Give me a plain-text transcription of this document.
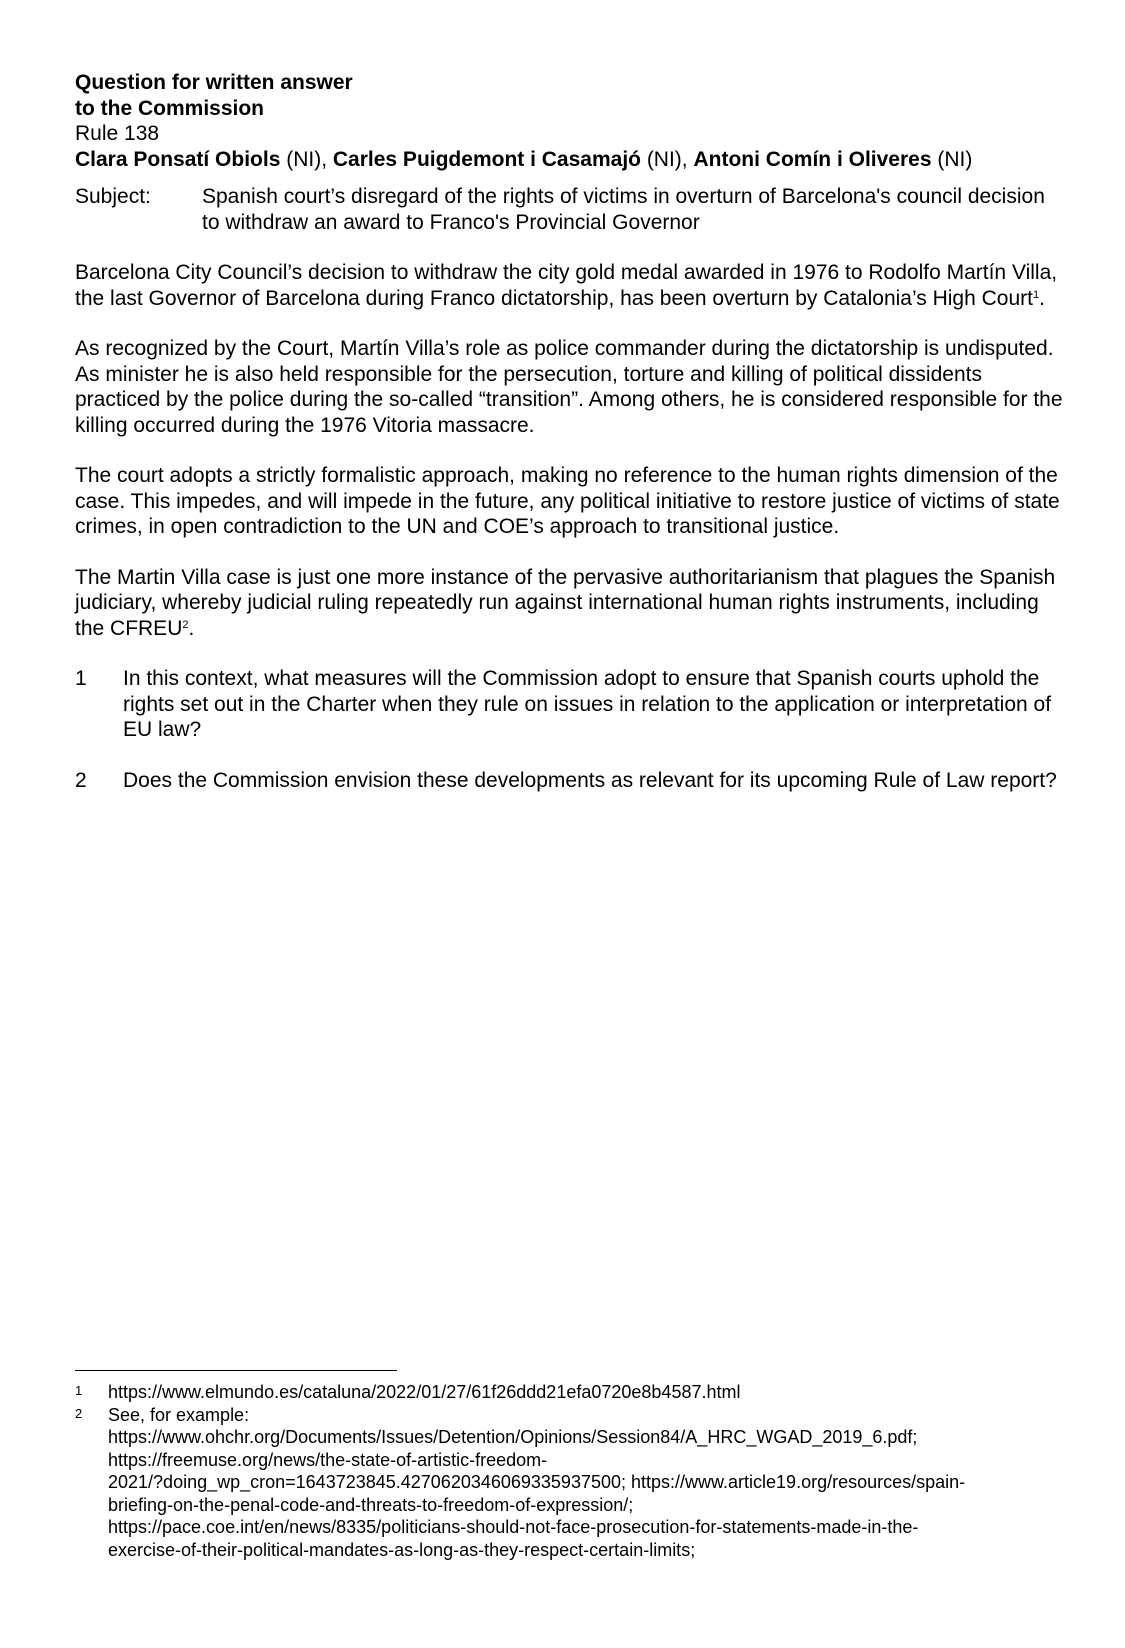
Question for written answer
to the Commission
Rule 138
Clara Ponsatí Obiols (NI), Carles Puigdemont i Casamajó (NI), Antoni Comín i Oliveres (NI)
Subject:	Spanish court’s disregard of the rights of victims in overturn of Barcelona's council decision to withdraw an award to Franco's Provincial Governor

Barcelona City Council’s decision to withdraw the city gold medal awarded in 1976 to Rodolfo Martín Villa, the last Governor of Barcelona during Franco dictatorship, has been overturn by Catalonia’s High Court$^1$.

As recognized by the Court, Martín Villa’s role as police commander during the dictatorship is undisputed. As minister he is also held responsible for the persecution, torture and killing of political dissidents practiced by the police during the so-called “transition”. Among others, he is considered responsible for the killing occurred during the 1976 Vitoria massacre.

The court adopts a strictly formalistic approach, making no reference to the human rights dimension of the case. This impedes, and will impede in the future, any political initiative to restore justice of victims of state crimes, in open contradiction to the UN and COE’s approach to transitional justice.

The Martin Villa case is just one more instance of the pervasive authoritarianism that plagues the Spanish judiciary, whereby judicial ruling repeatedly run against international human rights instruments, including the CFREU$^2$.

1	In this context, what measures will the Commission adopt to ensure that Spanish courts uphold the rights set out in the Charter when they rule on issues in relation to the application or interpretation of EU law?
2	Does the Commission envision these developments as relevant for its upcoming Rule of Law report?
1	https://www.elmundo.es/cataluna/2022/01/27/61f26ddd21efa0720e8b4587.html
2	See, for example:
https://www.ohchr.org/Documents/Issues/Detention/Opinions/Session84/A_HRC_WGAD_2019_6.pdf;
https://freemuse.org/news/the-state-of-artistic-freedom-
2021/?doing_wp_cron=1643723845.4270620346069335937500; https://www.article19.org/resources/spain-
briefing-on-the-penal-code-and-threats-to-freedom-of-expression/;
https://pace.coe.int/en/news/8335/politicians-should-not-face-prosecution-for-statements-made-in-the-
exercise-of-their-political-mandates-as-long-as-they-respect-certain-limits;
